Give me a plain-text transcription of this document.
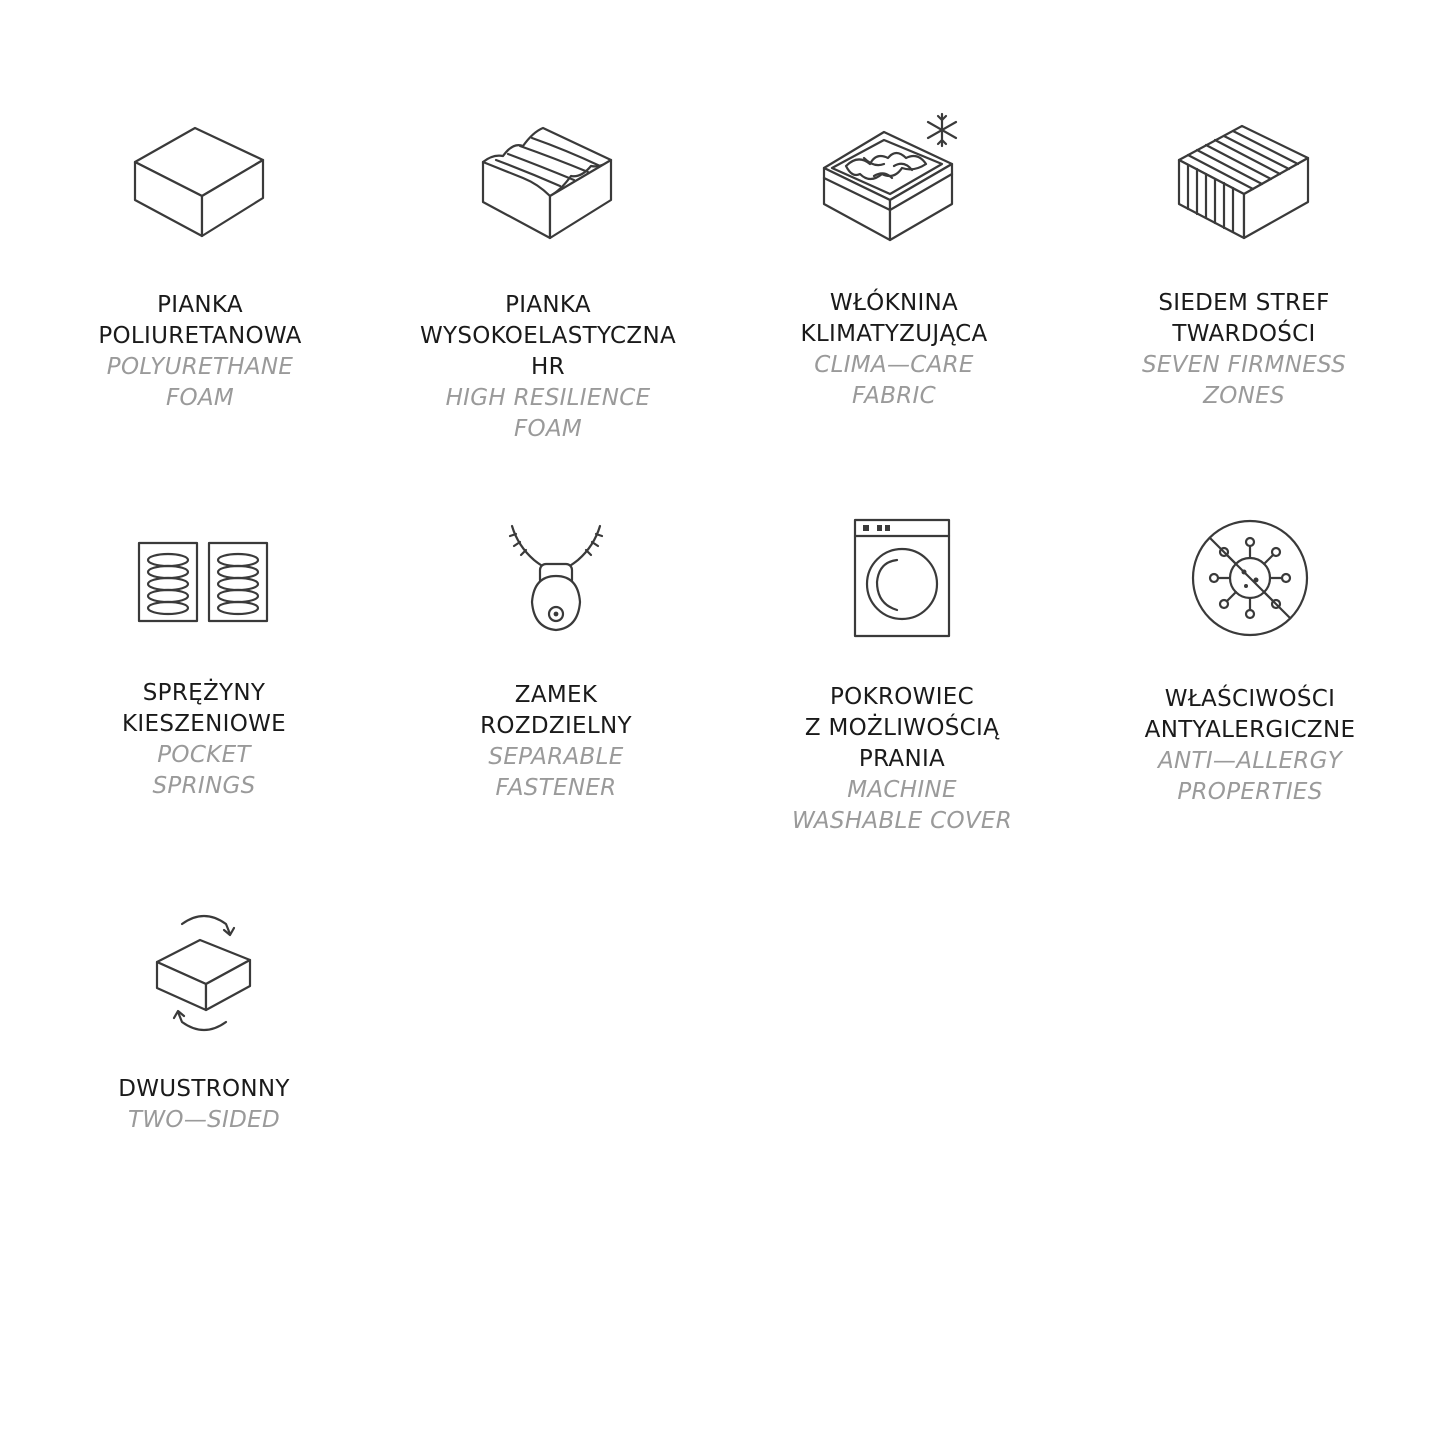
PIANKA
POLIURETANOWA
POLYURETHANE
FOAM
PIANKA
WYSOKOELASTYCZNA
HR
HIGH RESILIENCE
FOAM
WŁÓKNINA
KLIMATYZUJĄCA
CLIMA—CARE
FABRIC
SIEDEM STREF
TWARDOŚCI
SEVEN FIRMNESS
ZONES
SPRĘŻYNY
KIESZENIOWE
POCKET
SPRINGS
ZAMEK
ROZDZIELNY
SEPARABLE
FASTENER
POKROWIEC
Z MOŻLIWOŚCIĄ
PRANIA
MACHINE
WASHABLE COVER
WŁAŚCIWOŚCI
ANTYALERGICZNE
ANTI—ALLERGY
PROPERTIES
DWUSTRONNY
TWO—SIDED
